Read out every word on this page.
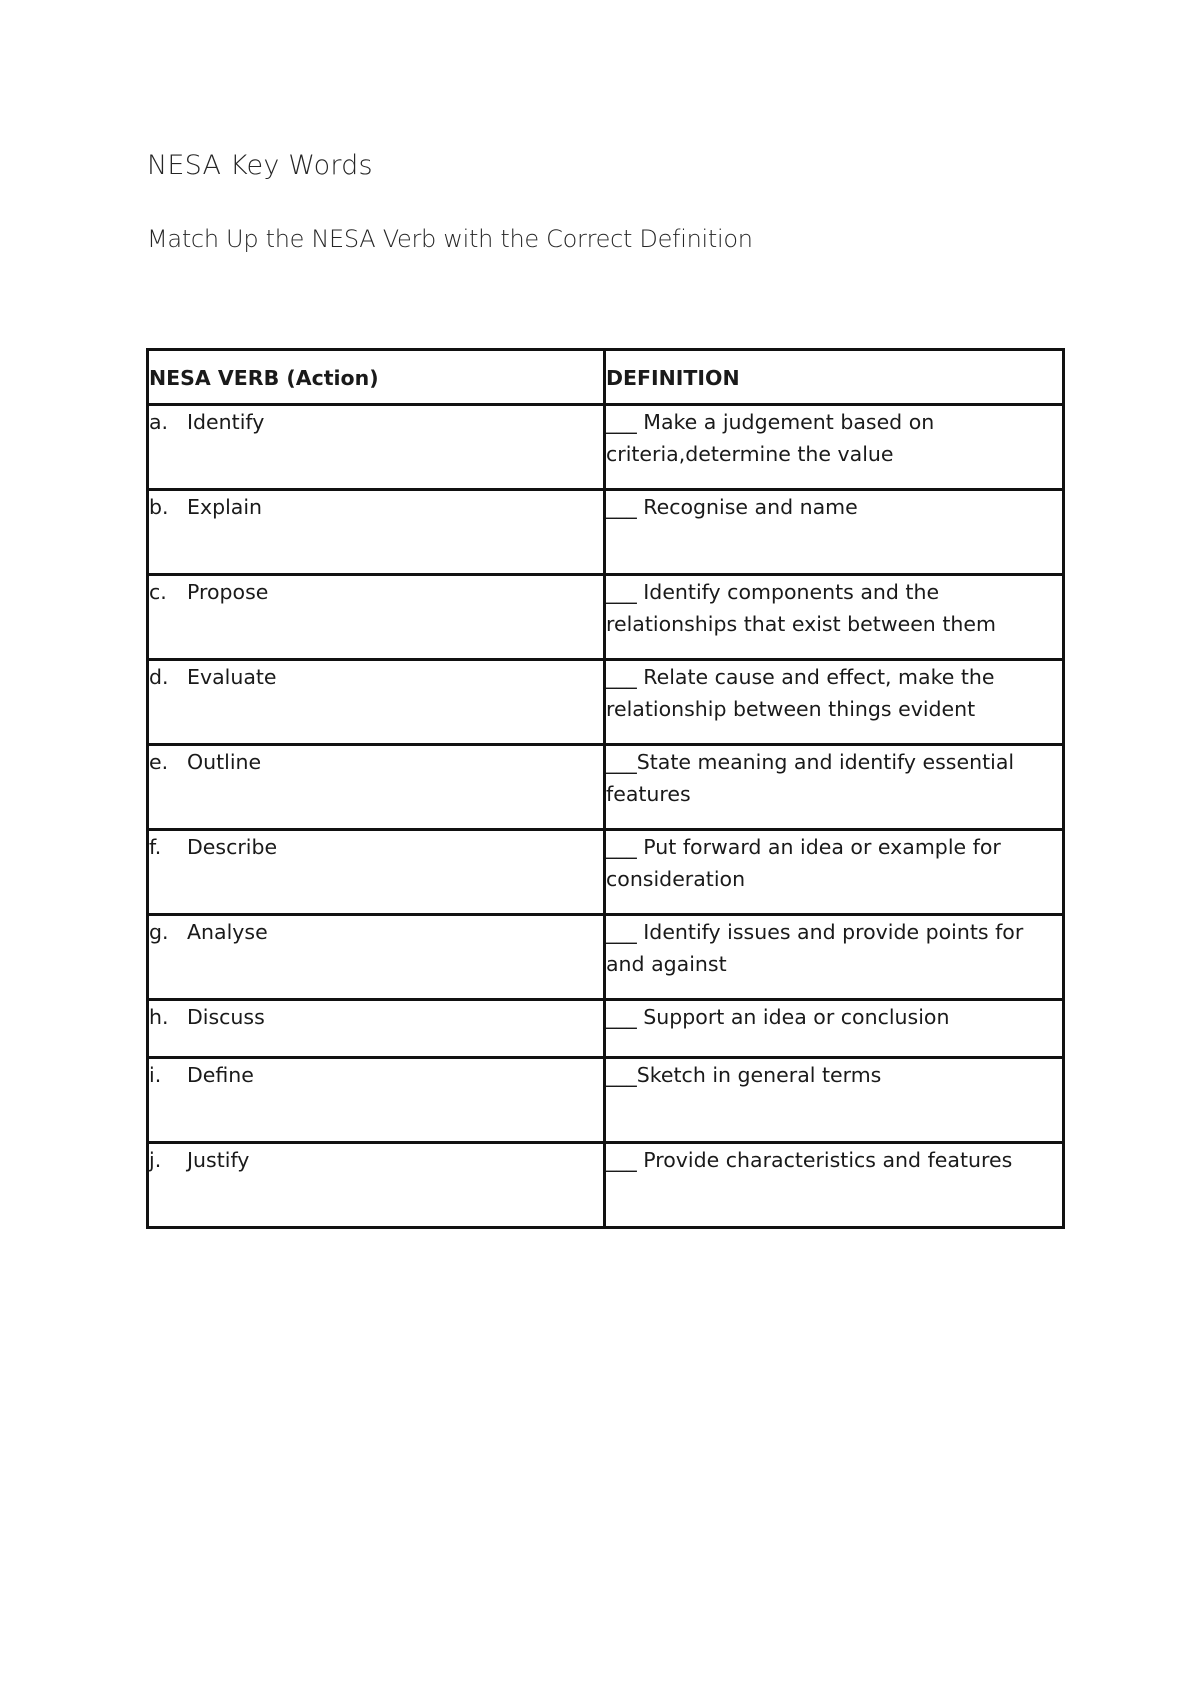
NESA Key Words
Match Up the NESA Verb with the Correct Definition
NESA VERB (Action)	DEFINITION
a. Identify	___ Make a judgement based on criteria,determine the value
b. Explain	___ Recognise and name
c. Propose	___ Identify components and the relationships that exist between them
d. Evaluate	___ Relate cause and effect, make the relationship between things evident
e. Outline	___State meaning and identify essential features
f. Describe	___ Put forward an idea or example for consideration
g. Analyse	___ Identify issues and provide points for and against
h. Discuss	___ Support an idea or conclusion
i. Define	___Sketch in general terms
j. Justify	___ Provide characteristics and features
